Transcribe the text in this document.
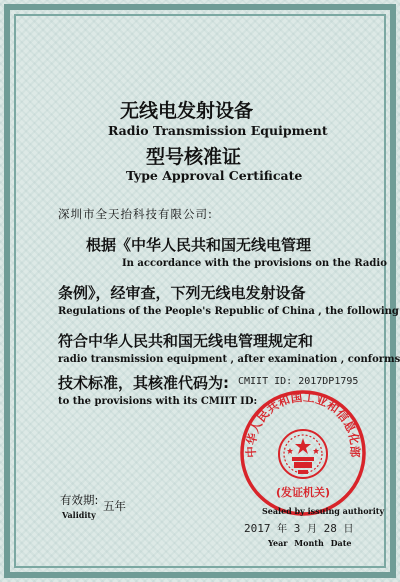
无线电发射设备
Radio Transmission Equipment
型号核准证
Type Approval Certificate
深圳市全天抬科技有限公司:
根据《中华人民共和国无线电管理
In accordance with the provisions on the Radio
条例》，经审查，下列无线电发射设备
Regulations of the People's Republic of China , the following
符合中华人民共和国无线电管理规定和
radio transmission equipment , after examination , conforms
技术标准，其核准代码为: CMIIT ID: 2017DP1795
to the provisions with its CMIIT ID:
中华人民共和国工业和信息化部
(发证机关)
有效期: 五年
Validity	Sealed by issuing authority
2017 年 3 月 28 日
Year Month Date
